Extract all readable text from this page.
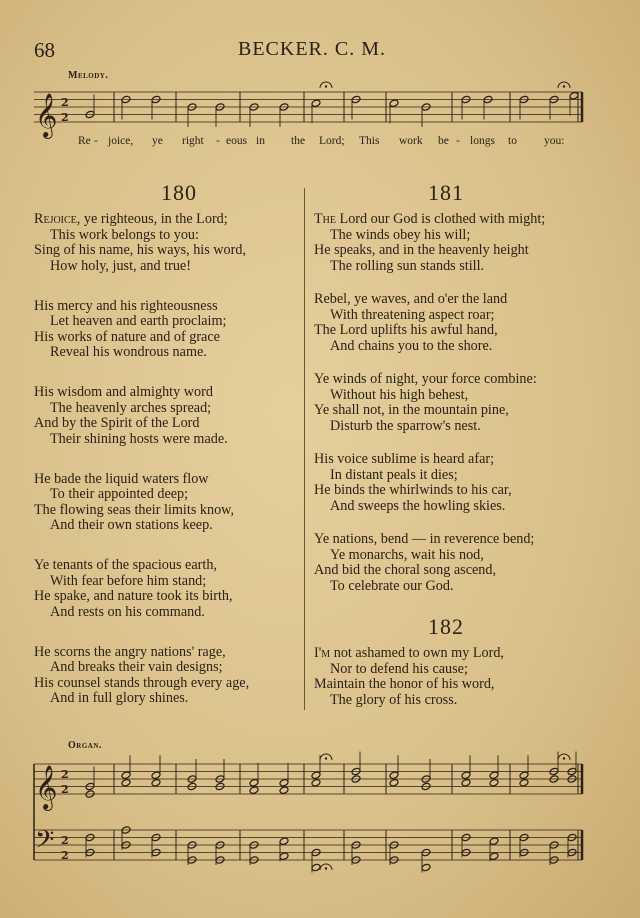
68	BECKER. C. M.
Melody.
𝄞 2
2
Re - joice, ye right - eous in the Lord; This work be - longs to you:
180
Rejoice, ye righteous, in the Lord;
This work belongs to you:
Sing of his name, his ways, his word,
How holy, just, and true!
His mercy and his righteousness
Let heaven and earth proclaim;
His works of nature and of grace
Reveal his wondrous name.
His wisdom and almighty word
The heavenly arches spread;
And by the Spirit of the Lord
Their shining hosts were made.
He bade the liquid waters flow
To their appointed deep;
The flowing seas their limits know,
And their own stations keep.
Ye tenants of the spacious earth,
With fear before him stand;
He spake, and nature took its birth,
And rests on his command.
He scorns the angry nations' rage,
And breaks their vain designs;
His counsel stands through every age,
And in full glory shines.
181
The Lord our God is clothed with might;
The winds obey his will;
He speaks, and in the heavenly height
The rolling sun stands still.
Rebel, ye waves, and o'er the land
With threatening aspect roar;
The Lord uplifts his awful hand,
And chains you to the shore.
Ye winds of night, your force combine:
Without his high behest,
Ye shall not, in the mountain pine,
Disturb the sparrow's nest.
His voice sublime is heard afar;
In distant peals it dies;
He binds the whirlwinds to his car,
And sweeps the howling skies.
Ye nations, bend — in reverence bend;
Ye monarchs, wait his nod,
And bid the choral song ascend,
To celebrate our God.
182
I'm not ashamed to own my Lord,
Nor to defend his cause;
Maintain the honor of his word,
The glory of his cross.
Organ.
𝄞
𝄢
2
2
2
2
